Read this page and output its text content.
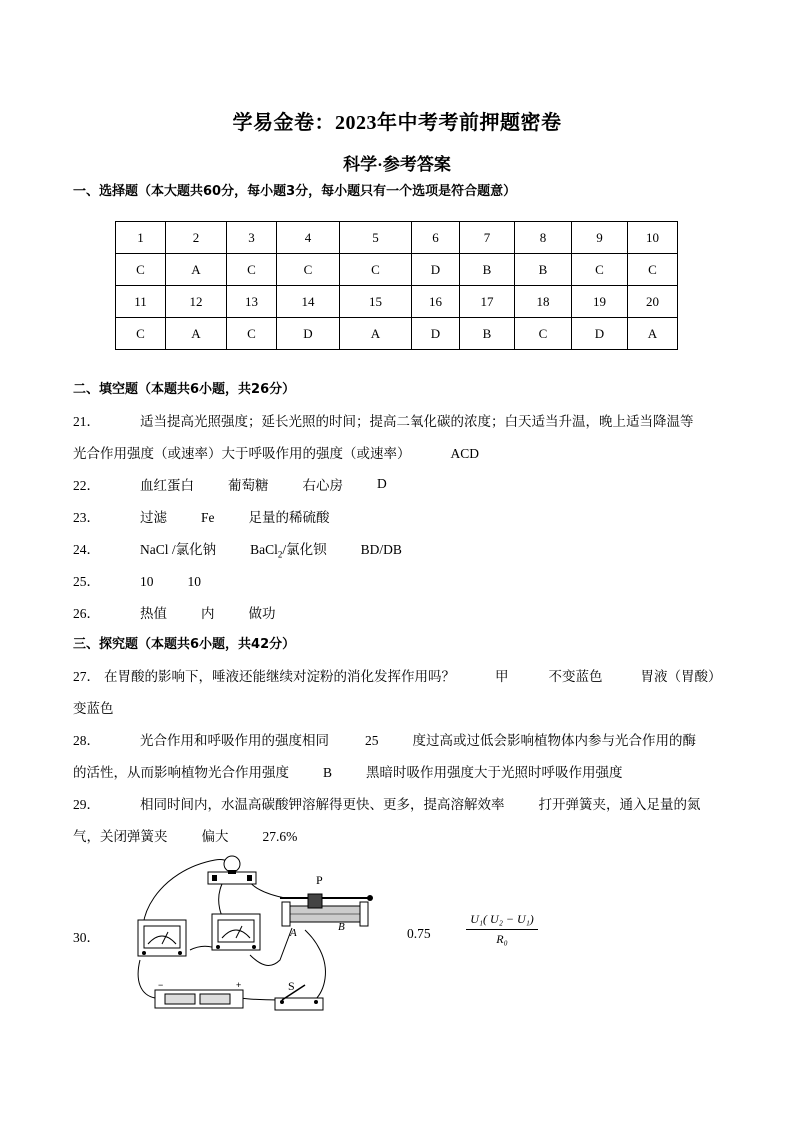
学易金卷：2023年中考考前押题密卷
科学·参考答案
一、选择题（本大题共60分，每小题3分，每小题只有一个选项是符合题意）
1	2	3	4	5	6	7	8	9	10
C	A	C	C	C	D	B	B	C	C
11	12	13	14	15	16	17	18	19	20
C	A	C	D	A	D	B	C	D	A
二、填空题（本题共6小题，共26分）
21．	适当提高光照强度；延长光照的时间；提高二氧化碳的浓度；白天适当升温，晚上适当降温等
光合作用强度（或速率）大于呼吸作用的强度（或速率）	ACD
22．	血红蛋白	葡萄糖	右心房	D
23．	过滤	Fe	足量的稀硫酸
24．	NaCl /氯化钠	BaCl$_2$/氯化钡	BD/DB
25．	10	10
26．	热值	内	做功
三、探究题（本题共6小题，共42分）
27． 在胃酸的影响下，唾液还能继续对淀粉的消化发挥作用吗？	甲	不变蓝色	胃液（胃酸）
变蓝色
28．	光合作用和呼吸作用的强度相同	25	度过高或过低会影响植物体内参与光合作用的酶
的活性，从而影响植物光合作用强度	B	黑暗时吸作用强度大于光照时呼吸作用强度
29．	相同时间内，水温高碳酸钾溶解得更快、更多，提高溶解效率	打开弹簧夹，通入足量的氮
气，关闭弹簧夹	偏大	27.6%
30．
P
A	B
S
−	+
0.75	$\frac{\text{U₁( U₂ − U₁)}}{\text{R₀}}$
